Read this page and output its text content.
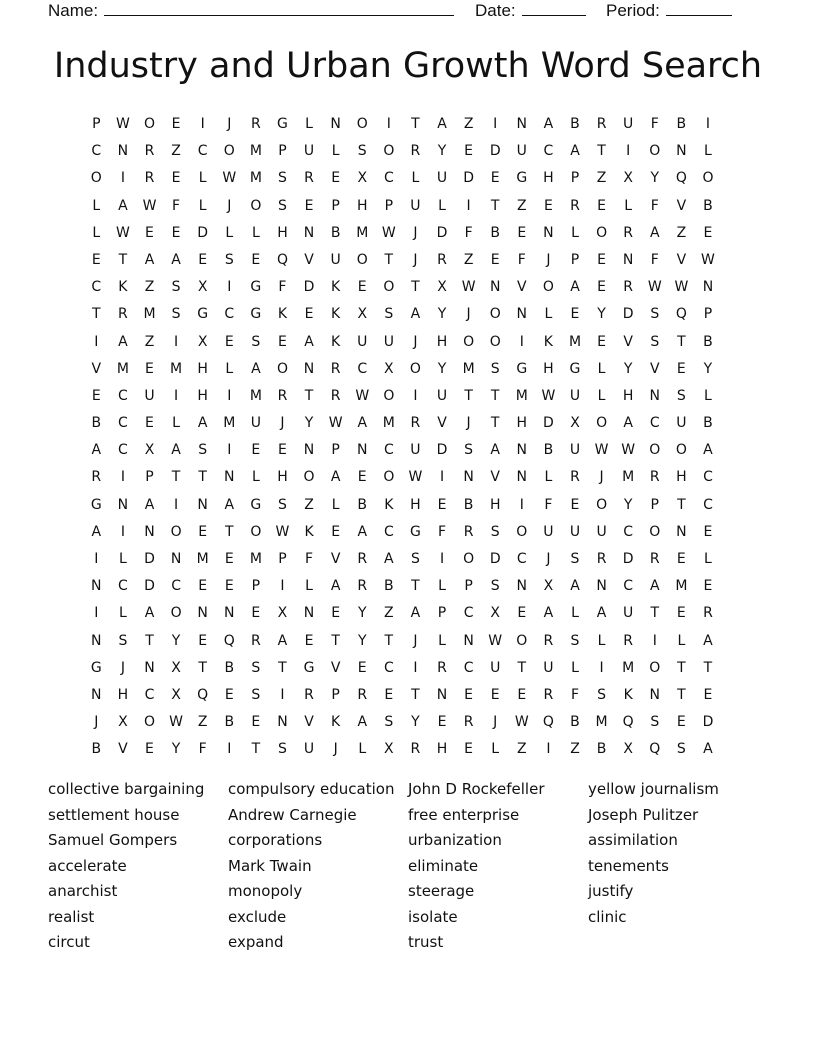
Name:	Date:	Period:
Industry and Urban Growth Word Search
P	W	O	E	I	J	R	G	L	N	O	I	T	A	Z	I	N	A	B	R	U	F	B	I
C	N	R	Z	C	O	M	P	U	L	S	O	R	Y	E	D	U	C	A	T	I	O	N	L
O	I	R	E	L	W M	S	R	E	X	C	L	U	D	E	G	H	P	Z	X	Y	Q	O
L	A	W	F	L	J	O	S	E	P	H	P	U	L	I	T	Z	E	R	E	L	F	V	B
L	W	E	E	D	L	L	H	N	B	M W	J	D	F	B	E	N	L	O	R	A	Z	E
E	T	A	A	E	S	E	Q	V	U	O	T	J	R	Z	E	F	J	P	E	N	F	V	W
C	K	Z	S	X	I	G	F	D	K	E	O	T	X	W	N	V	O	A	E	R	W W	N
T	R	M	S	G	C	G	K	E	K	X	S	A	Y	J	O	N	L	E	Y	D	S	Q	P
I	A	Z	I	X	E	S	E	A	K	U	U	J	H	O	O	I	K	M	E	V	S	T	B
V	M	E	M	H	L	A	O	N	R	C	X	O	Y	M	S	G	H	G	L	Y	V	E	Y
E	C	U	I	H	I	M	R	T	R	W	O	I	U	T	T	M W	U	L	H	N	S	L
B	C	E	L	A	M	U	J	Y	W	A	M	R	V	J	T	H	D	X	O	A	C	U	B
A	C	X	A	S	I	E	E	N	P	N	C	U	D	S	A	N	B	U	W W	O	O	A
R	I	P	T	T	N	L	H	O	A	E	O	W	I	N	V	N	L	R	J	M	R	H	C
G	N	A	I	N	A	G	S	Z	L	B	K	H	E	B	H	I	F	E	O	Y	P	T	C
A	I	N	O	E	T	O	W	K	E	A	C	G	F	R	S	O	U	U	U	C	O	N	E
I	L	D	N	M	E	M	P	F	V	R	A	S	I	O	D	C	J	S	R	D	R	E	L
N	C	D	C	E	E	P	I	L	A	R	B	T	L	P	S	N	X	A	N	C	A	M	E
I	L	A	O	N	N	E	X	N	E	Y	Z	A	P	C	X	E	A	L	A	U	T	E	R
N	S	T	Y	E	Q	R	A	E	T	Y	T	J	L	N	W	O	R	S	L	R	I	L	A
G	J	N	X	T	B	S	T	G	V	E	C	I	R	C	U	T	U	L	I	M	O	T	T
N	H	C	X	Q	E	S	I	R	P	R	E	T	N	E	E	E	R	F	S	K	N	T	E
J	X	O	W	Z	B	E	N	V	K	A	S	Y	E	R	J	W	Q	B	M	Q	S	E	D
B	V	E	Y	F	I	T	S	U	J	L	X	R	H	E	L	Z	I	Z	B	X	Q	S	A
collective bargaining
settlement house
Samuel Gompers
accelerate
anarchist
realist
circut
compulsory education
Andrew Carnegie
corporations
Mark Twain
monopoly
exclude
expand
John D Rockefeller
free enterprise
urbanization
eliminate
steerage
isolate
trust
yellow journalism
Joseph Pulitzer
assimilation
tenements
justify
clinic
